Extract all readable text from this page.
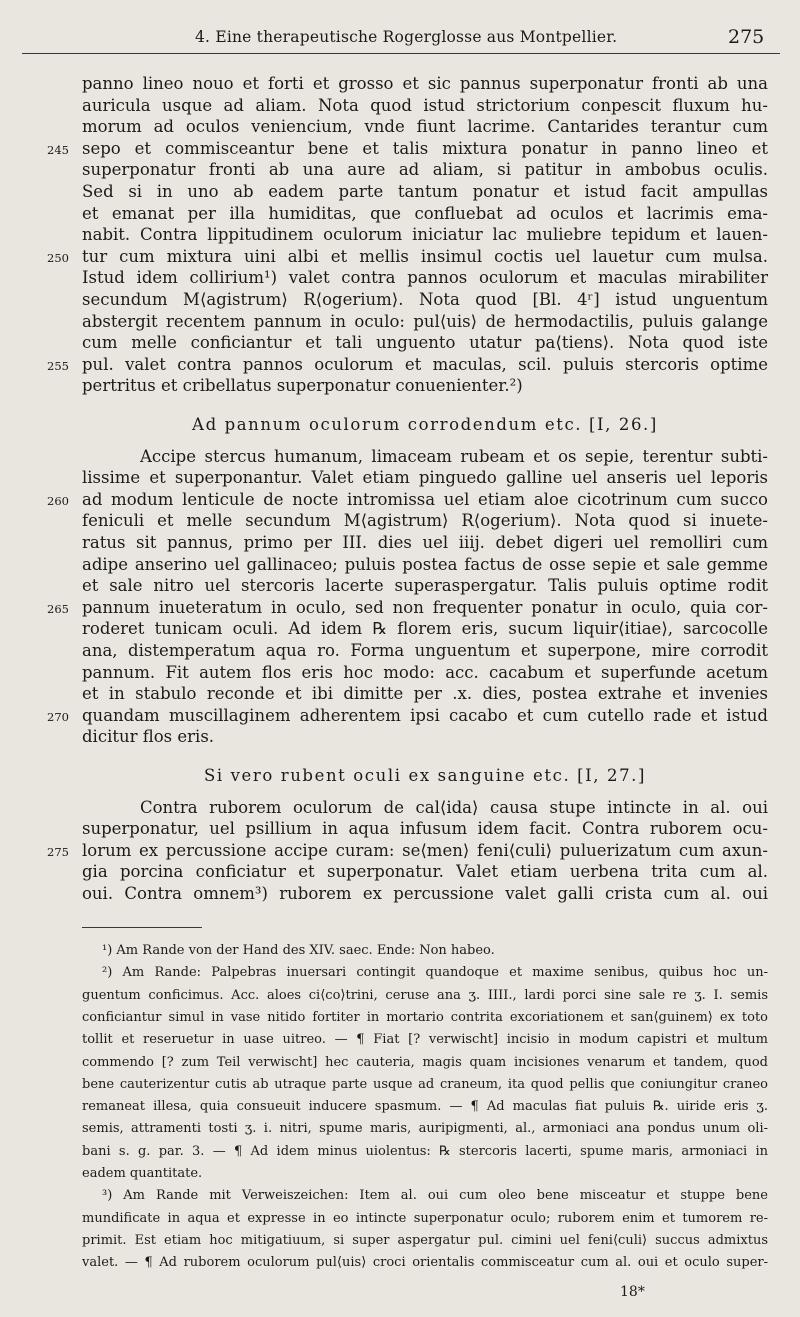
4. Eine therapeutische Rogerglosse aus Montpellier.	275
panno lineo nouo et forti et grosso et sic pannus superponatur fronti ab una
auricula usque ad aliam. Nota quod istud strictorium conpescit fluxum hu-
morum ad oculos veniencium, vnde fiunt lacrime. Cantarides terantur cum
sepo et commisceantur bene et talis mixtura ponatur in panno lineo et
245
superponatur fronti ab una aure ad aliam, si patitur in ambobus oculis.
Sed si in uno ab eadem parte tantum ponatur et istud facit ampullas
et emanat per illa humiditas, que confluebat ad oculos et lacrimis ema-
nabit. Contra lippitudinem oculorum iniciatur lac muliebre tepidum et lauen-
tur cum mixtura uini albi et mellis insimul coctis uel lauetur cum mulsa.
250
Istud idem collirium¹) valet contra pannos oculorum et maculas mirabiliter
secundum M⟨agistrum⟩ R⟨ogerium⟩. Nota quod [Bl. 4ʳ] istud unguentum
abstergit recentem pannum in oculo: pul⟨uis⟩ de hermodactilis, puluis galange
cum melle conficiantur et tali unguento utatur pa⟨tiens⟩. Nota quod iste
pul. valet contra pannos oculorum et maculas, scil. puluis stercoris optime
255
pertritus et cribellatus superponatur conuenienter.²)
Ad pannum oculorum corrodendum etc. [I, 26.]
Accipe stercus humanum, limaceam rubeam et os sepie, terentur subti-
lissime et superponantur. Valet etiam pinguedo galline uel anseris uel leporis
ad modum lenticule de nocte intromissa uel etiam aloe cicotrinum cum succo
260
feniculi et melle secundum M⟨agistrum⟩ R⟨ogerium⟩. Nota quod si inuete-
ratus sit pannus, primo per III. dies uel iiij. debet digeri uel remolliri cum
adipe anserino uel gallinaceo; puluis postea factus de osse sepie et sale gemme
et sale nitro uel stercoris lacerte superaspergatur. Talis puluis optime rodit
pannum inueteratum in oculo, sed non frequenter ponatur in oculo, quia cor-
265
roderet tunicam oculi. Ad idem ℞ florem eris, sucum liquir⟨itiae⟩, sarcocolle
ana, distemperatum aqua ro. Forma unguentum et superpone, mire corrodit
pannum. Fit autem flos eris hoc modo: acc. cacabum et superfunde acetum
et in stabulo reconde et ibi dimitte per .x. dies, postea extrahe et invenies
quandam muscillaginem adherentem ipsi cacabo et cum cutello rade et istud
270
dicitur flos eris.
Si vero rubent oculi ex sanguine etc. [I, 27.]
Contra ruborem oculorum de cal⟨ida⟩ causa stupe intincte in al. oui
superponatur, uel psillium in aqua infusum idem facit. Contra ruborem ocu-
lorum ex percussione accipe curam: se⟨men⟩ feni⟨culi⟩ puluerizatum cum axun-
275
gia porcina conficiatur et superponatur. Valet etiam uerbena trita cum al.
oui. Contra omnem³) ruborem ex percussione valet galli crista cum al. oui
¹) Am Rande von der Hand des XIV. saec. Ende: Non habeo.
²) Am Rande: Palpebras inuersari contingit quandoque et maxime senibus, quibus hoc un-
guentum conficimus. Acc. aloes ci⟨co⟩trini, ceruse ana ʒ. IIII., lardi porci sine sale re ʒ. I. semis
conficiantur simul in vase nitido fortiter in mortario contrita excoriationem et san⟨guinem⟩ ex toto
tollit et reseruetur in uase uitreo. — ¶ Fiat [? verwischt] incisio in modum capistri et multum
commendo [? zum Teil verwischt] hec cauteria, magis quam incisiones venarum et tandem, quod
bene cauterizentur cutis ab utraque parte usque ad craneum, ita quod pellis que coniungitur craneo
remaneat illesa, quia consueuit inducere spasmum. — ¶ Ad maculas fiat puluis ℞. uiride eris ʒ.
semis, attramenti tosti ʒ. i. nitri, spume maris, auripigmenti, al., armoniaci ana pondus unum oli-
bani s. g. par. 3. — ¶ Ad idem minus uiolentus: ℞ stercoris lacerti, spume maris, armoniaci in
eadem quantitate.
³) Am Rande mit Verweiszeichen: Item al. oui cum oleo bene misceatur et stuppe bene
mundificate in aqua et expresse in eo intincte superponatur oculo; ruborem enim et tumorem re-
primit. Est etiam hoc mitigatiuum, si super aspergatur pul. cimini uel feni⟨culi⟩ succus admixtus
valet. — ¶ Ad ruborem oculorum pul⟨uis⟩ croci orientalis commisceatur cum al. oui et oculo super-
18*
